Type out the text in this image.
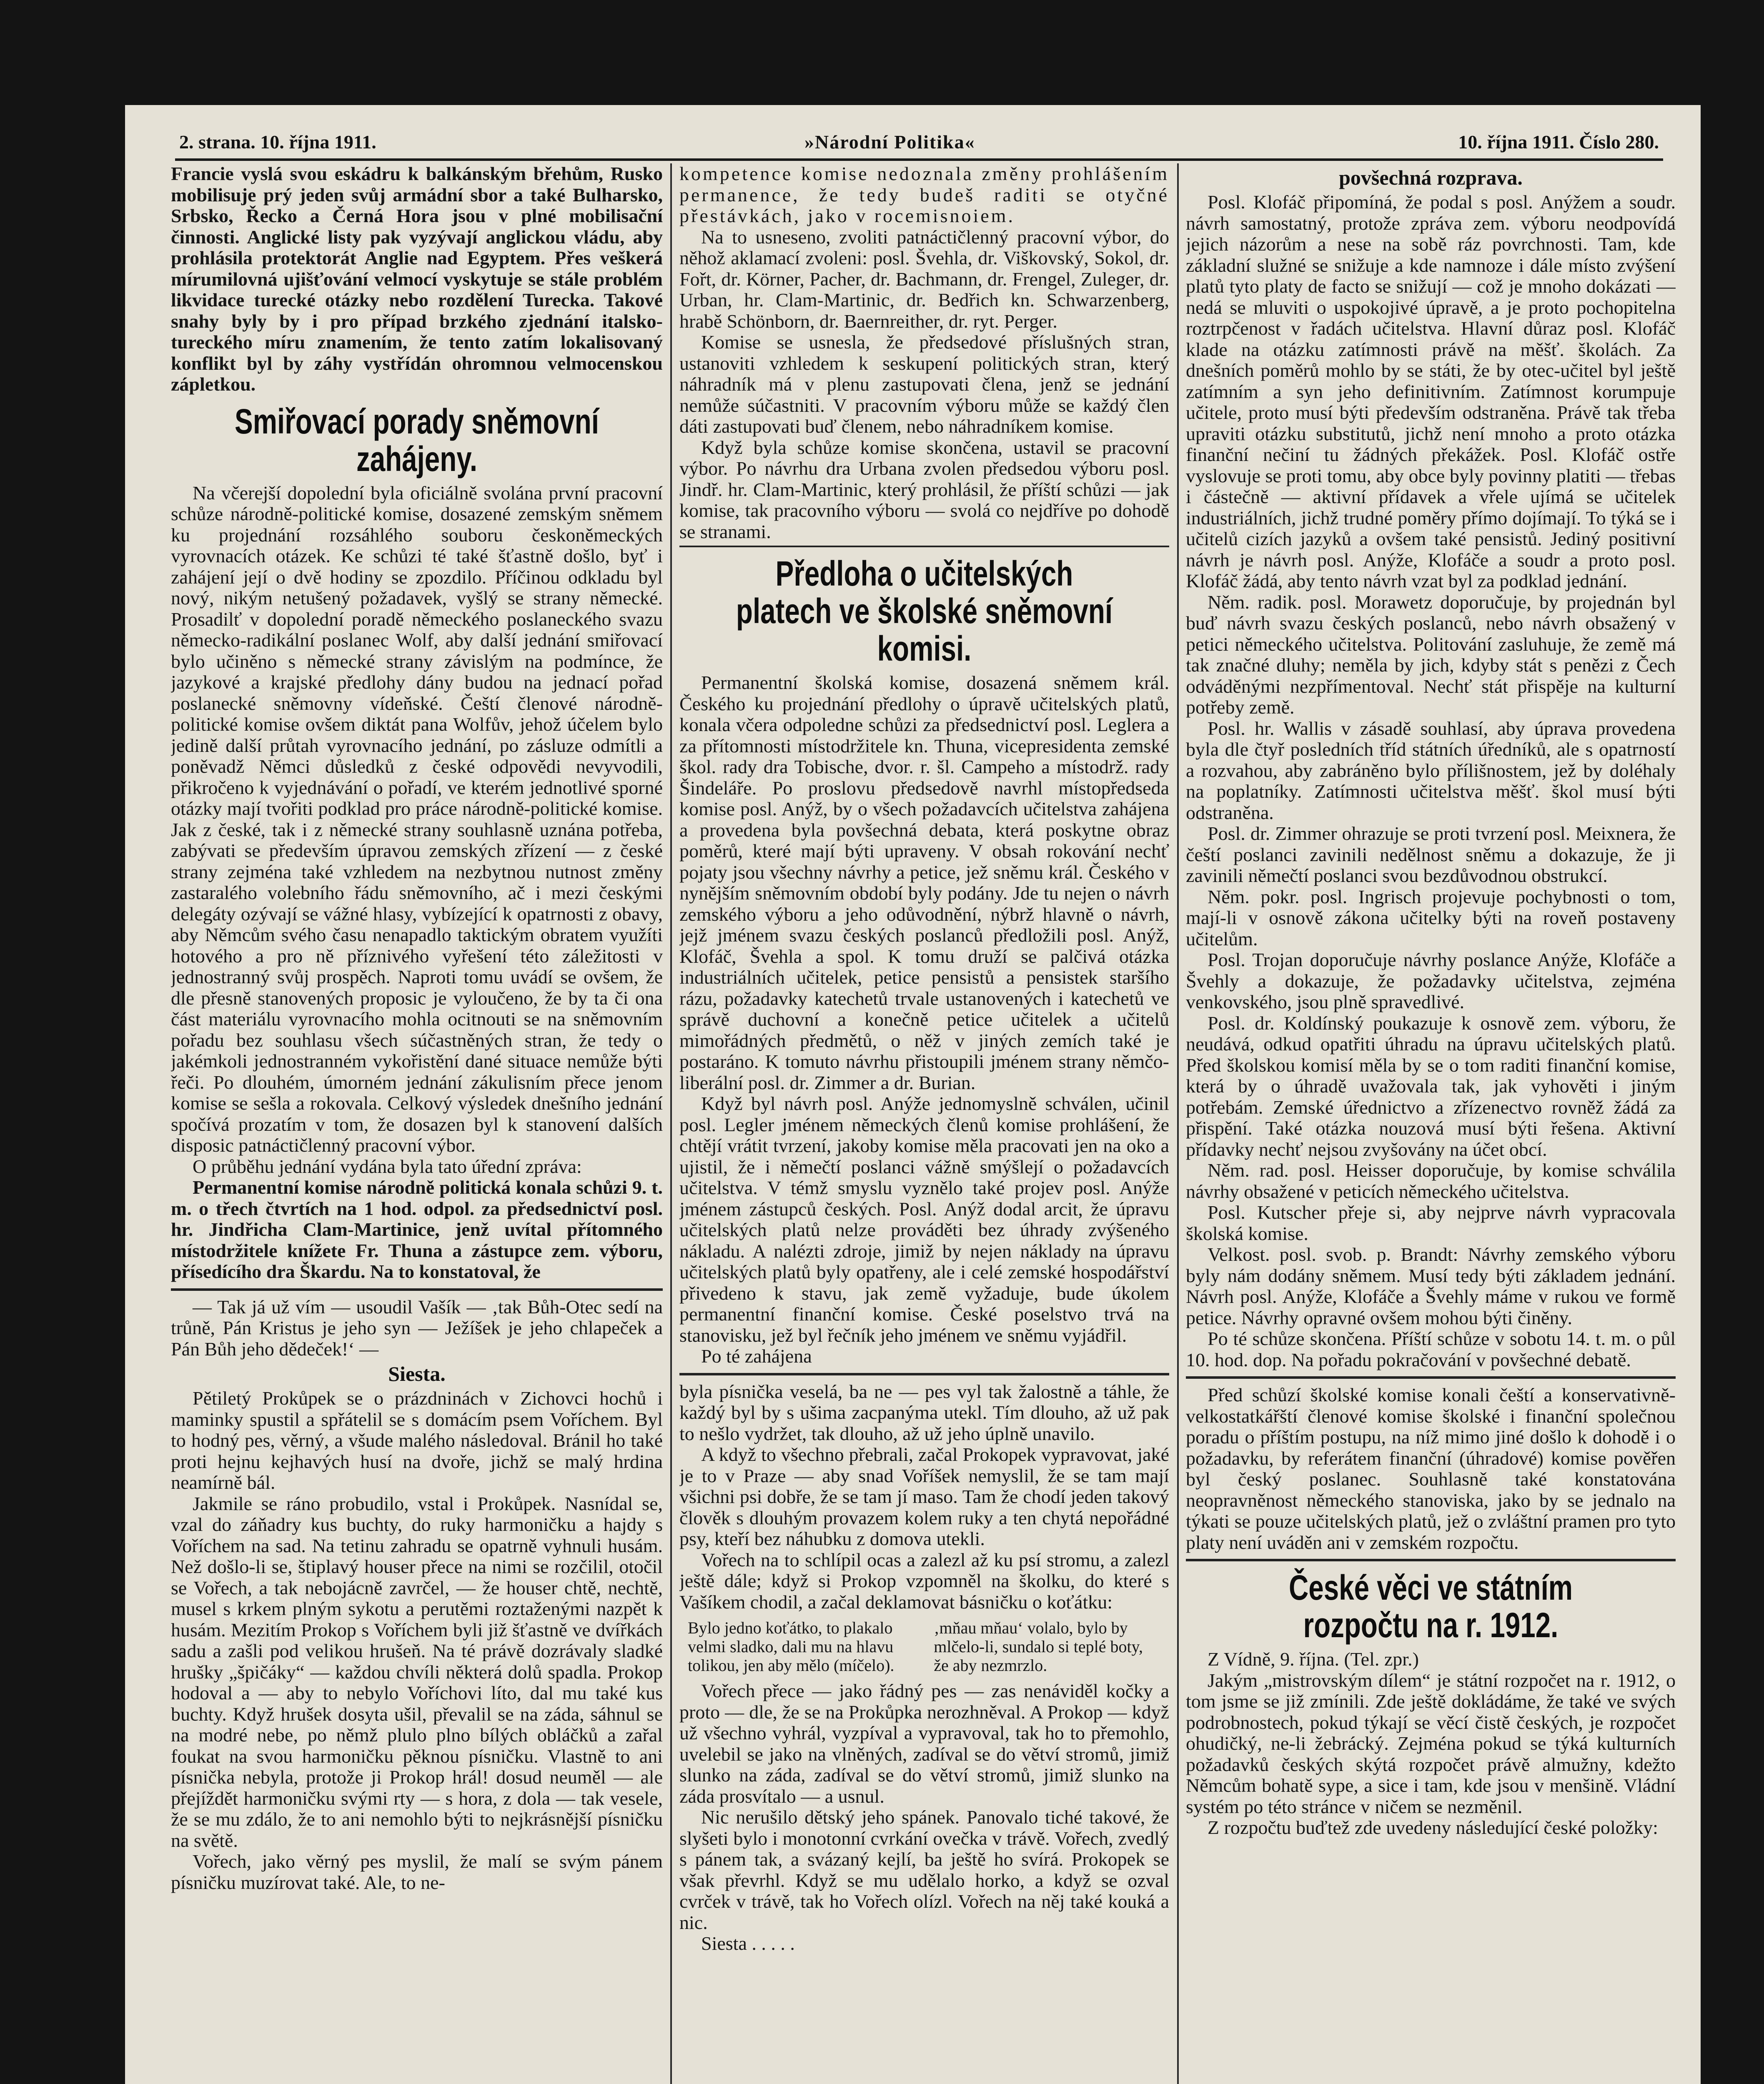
2. strana. 10. října 1911.	»Národní Politika«	10. října 1911. Číslo 280.

Francie vyslá svou eskádru k balkánským břehům, Rusko mobilisuje prý jeden svůj armádní sbor a také Bulharsko, Srbsko, Řecko a Černá Hora jsou v plné mobilisační činnosti. Anglické listy pak vyzývají anglickou vládu, aby prohlásila protektorát Anglie nad Egyptem. Přes veškerá mírumilovná ujišťování velmocí vyskytuje se stále problém likvidace turecké otázky nebo rozdělení Turecka. Takové snahy byly by i pro případ brzkého zjednání italsko-tureckého míru znamením, že tento zatím lokalisovaný konflikt byl by záhy vystřídán ohromnou velmocenskou zápletkou.

Smiřovací porady sněmovní zahájeny.

Na včerejší dopolední byla oficiálně svolána první pracovní schůze národně-politické komise, dosazené zemským sněmem ku projednání rozsáhlého souboru českoněmeckých vyrovnacích otázek. Ke schůzi té také šťastně došlo, byť i zahájení její o dvě hodiny se zpozdilo. Příčinou odkladu byl nový, nikým netušený požadavek, vyšlý se strany německé. Prosadilť v dopolední poradě německého poslaneckého svazu německo-radikální poslanec Wolf, aby další jednání smiřovací bylo učiněno s německé strany závislým na podmínce, že jazykové a krajské předlohy dány budou na jednací pořad poslanecké sněmovny vídeňské. Čeští členové národně-politické komise ovšem diktát pana Wolfův, jehož účelem bylo jedině další průtah vyrovnacího jednání, po zásluze odmítli a poněvadž Němci důsledků z české odpovědi nevyvodili, přikročeno k vyjednávání o pořadí, ve kterém jednotlivé sporné otázky mají tvořiti podklad pro práce národně-politické komise. Jak z české, tak i z německé strany souhlasně uznána potřeba, zabývati se především úpravou zemských zřízení — z české strany zejména také vzhledem na nezbytnou nutnost změny zastaralého volebního řádu sněmovního, ač i mezi českými delegáty ozývají se vážné hlasy, vybízející k opatrnosti z obavy, aby Němcům svého času nenapadlo taktickým obratem využíti hotového a pro ně příznivého vyřešení této záležitosti v jednostranný svůj prospěch. Naproti tomu uvádí se ovšem, že dle přesně stanovených proposic je vyloučeno, že by ta či ona část materiálu vyrovnacího mohla ocitnouti se na sněmovním pořadu bez souhlasu všech súčastněných stran, že tedy o jakémkoli jednostranném vykořistění dané situace nemůže býti řeči. Po dlouhém, úmorném jednání zákulisním přece jenom komise se sešla a rokovala. Celkový výsledek dnešního jednání spočívá prozatím v tom, že dosazen byl k stanovení dalších disposic patnáctičlenný pracovní výbor.

O průběhu jednání vydána byla tato úřední zpráva:

Permanentní komise národně politická konala schůzi 9. t. m. o třech čtvrtích na 1 hod. odpol. za předsednictví posl. hr. Jindřicha Clam-Martinice, jenž uvítal přítomného místodržitele knížete Fr. Thuna a zástupce zem. výboru, přísedícího dra Škardu. Na to konstatoval, že

— Tak já už vím — usoudil Vašík — ‚tak Bůh-Otec sedí na trůně, Pán Kristus je jeho syn — Ježíšek je jeho chlapeček a Pán Bůh jeho dědeček!‘ —

Siesta.

Pětiletý Prokůpek se o prázdninách v Zichovci hochů i maminky spustil a spřátelil se s domácím psem Voříchem. Byl to hodný pes, věrný, a všude malého následoval. Bránil ho také proti hejnu kejhavých husí na dvoře, jichž se malý hrdina neamírně bál.

Jakmile se ráno probudilo, vstal i Prokůpek. Nasnídal se, vzal do záňadry kus buchty, do ruky harmoničku a hajdy s Voříchem na sad. Na tetinu zahradu se opatrně vyhnuli husám. Než došlo-li se, štiplavý houser přece na nimi se rozčilil, otočil se Vořech, a tak nebojácně zavrčel, — že houser chtě, nechtě, musel s krkem plným sykotu a perutěmi roztaženými nazpět k husám. Mezitím Prokop s Voříchem byli již šťastně ve dvířkách sadu a zašli pod velikou hrušeň. Na té právě dozrávaly sladké hrušky „špičáky“ — každou chvíli některá dolů spadla. Prokop hodoval a — aby to nebylo Voříchovi líto, dal mu také kus buchty. Když hrušek dosyta ušil, převalil se na záda, sáhnul se na modré nebe, po němž plulo plno bílých obláčků a zařal foukat na svou harmoničku pěknou písničku. Vlastně to ani písnička nebyla, protože ji Prokop hrál! dosud neuměl — ale přejíždět harmoničku svými rty — s hora, z dola — tak vesele, že se mu zdálo, že to ani nemohlo býti to nejkrásnější písničku na světě.

Vořech, jako věrný pes myslil, že malí se svým pánem písničku muzírovat také. Ale, to ne-

kompetence komise nedoznala změny prohlášením permanence, že tedy budeš raditi se otyčné přestávkách, jako v rocemisnoiem.

Na to usneseno, zvoliti patnáctičlenný pracovní výbor, do něhož aklamací zvoleni: posl. Švehla, dr. Viškovský, Sokol, dr. Fořt, dr. Körner, Pacher, dr. Bachmann, dr. Frengel, Zuleger, dr. Urban, hr. Clam-Martinic, dr. Bedřich kn. Schwarzenberg, hrabě Schönborn, dr. Baernreither, dr. ryt. Perger.

Komise se usnesla, že předsedové příslušných stran, ustanoviti vzhledem k seskupení politických stran, který náhradník má v plenu zastupovati člena, jenž se jednání nemůže súčastniti. V pracovním výboru může se každý člen dáti zastupovati buď členem, nebo náhradníkem komise.

Když byla schůze komise skončena, ustavil se pracovní výbor. Po návrhu dra Urbana zvolen předsedou výboru posl. Jindř. hr. Clam-Martinic, který prohlásil, že příští schůzi — jak komise, tak pracovního výboru — svolá co nejdříve po dohodě se stranami.

Předloha o učitelských platech ve školské sněmovní komisi.

Permanentní školská komise, dosazená sněmem král. Českého ku projednání předlohy o úpravě učitelských platů, konala včera odpoledne schůzi za předsednictví posl. Leglera a za přítomnosti místodržitele kn. Thuna, vicepresidenta zemské škol. rady dra Tobische, dvor. r. šl. Campeho a místodrž. rady Šindeláře. Po proslovu předsedově navrhl místopředseda komise posl. Anýž, by o všech požadavcích učitelstva zahájena a provedena byla povšechná debata, která poskytne obraz poměrů, které mají býti upraveny. V obsah rokování nechť pojaty jsou všechny návrhy a petice, jež sněmu král. Českého v nynějším sněmovním období byly podány. Jde tu nejen o návrh zemského výboru a jeho odůvodnění, nýbrž hlavně o návrh, jejž jménem svazu českých poslanců předložili posl. Anýž, Klofáč, Švehla a spol. K tomu druží se palčivá otázka industriálních učitelek, petice pensistů a pensistek staršího rázu, požadavky katechetů trvale ustanovených i katechetů ve správě duchovní a konečně petice učitelek a učitelů mimořádných předmětů, o něž v jiných zemích také je postaráno. K tomuto návrhu přistoupili jménem strany němčo-liberální posl. dr. Zimmer a dr. Burian.

Když byl návrh posl. Anýže jednomyslně schválen, učinil posl. Legler jménem německých členů komise prohlášení, že chtějí vrátit tvrzení, jakoby komise měla pracovati jen na oko a ujistil, že i němečtí poslanci vážně smýšlejí o požadavcích učitelstva. V témž smyslu vyznělo také projev posl. Anýže jménem zástupců českých. Posl. Anýž dodal arcit, že úpravu učitelských platů nelze prováděti bez úhrady zvýšeného nákladu. A nalézti zdroje, jimiž by nejen náklady na úpravu učitelských platů byly opatřeny, ale i celé zemské hospodářství přivedeno k stavu, jak země vyžaduje, bude úkolem permanentní finanční komise. České poselstvo trvá na stanovisku, jež byl řečník jeho jménem ve sněmu vyjádřil.

Po té zahájena

byla písnička veselá, ba ne — pes vyl tak žalostně a táhle, že každý byl by s ušima zacpanýma utekl. Tím dlouho, až už pak to nešlo vydržet, tak dlouho, až už jeho úplně unavilo.

A když to všechno přebrali, začal Prokopek vypravovat, jaké je to v Praze — aby snad Voříšek nemyslil, že se tam mají všichni psi dobře, že se tam jí maso. Tam že chodí jeden takový člověk s dlouhým provazem kolem ruky a ten chytá nepořádné psy, kteří bez náhubku z domova utekli.

Vořech na to schlípil ocas a zalezl až ku psí stromu, a zalezl ještě dále; když si Prokop vzpomněl na školku, do které s Vašíkem chodil, a začal deklamovat básničku o koťátku:

Bylo jedno koťátko, to plakalo velmi sladko, dali mu na hlavu tolikou, jen aby mělo (míčelo).
‚mňau mňau‘ volalo, bylo by mlčelo-li, sundalo si teplé boty, že aby nezmrzlo.

Vořech přece — jako řádný pes — zas nenáviděl kočky a proto — dle, že se na Prokůpka nerozhněval. A Prokop — když už všechno vyhrál, vyzpíval a vypravoval, tak ho to přemohlo, uvelebil se jako na vlněných, zadíval se do větví stromů, jimiž slunko na záda, zadíval se do větví stromů, jimiž slunko na záda prosvítalo — a usnul.

Nic nerušilo dětský jeho spánek. Panovalo tiché takové, že slyšeti bylo i monotonní cvrkání ovečka v trávě. Vořech, zvedlý s pánem tak, a svázaný kejlí, ba ještě ho svírá. Prokopek se však převrhl. Když se mu udělalo horko, a když se ozval cvrček v trávě, tak ho Vořech olízl. Vořech na něj také kouká a nic.

Siesta . . . . .

povšechná rozprava.

Posl. Klofáč připomíná, že podal s posl. Anýžem a soudr. návrh samostatný, protože zpráva zem. výboru neodpovídá jejich názorům a nese na sobě ráz povrchnosti. Tam, kde základní služné se snižuje a kde namnoze i dále místo zvýšení platů tyto platy de facto se snižují — což je mnoho dokázati — nedá se mluviti o uspokojivé úpravě, a je proto pochopitelna roztrpčenost v řadách učitelstva. Hlavní důraz posl. Klofáč klade na otázku zatímnosti právě na měšť. školách. Za dnešních poměrů mohlo by se státi, že by otec-učitel byl ještě zatímním a syn jeho definitivním. Zatímnost korumpuje učitele, proto musí býti především odstraněna. Právě tak třeba upraviti otázku substitutů, jichž není mnoho a proto otázka finanční nečiní tu žádných překážek. Posl. Klofáč ostře vyslovuje se proti tomu, aby obce byly povinny platiti — třebas i částečně — aktivní přídavek a vřele ujímá se učitelek industriálních, jichž trudné poměry přímo dojímají. To týká se i učitelů cizích jazyků a ovšem také pensistů. Jediný positivní návrh je návrh posl. Anýže, Klofáče a soudr a proto posl. Klofáč žádá, aby tento návrh vzat byl za podklad jednání.

Něm. radik. posl. Morawetz doporučuje, by projednán byl buď návrh svazu českých poslanců, nebo návrh obsažený v petici německého učitelstva. Politování zasluhuje, že země má tak značné dluhy; neměla by jich, kdyby stát s penězi z Čech odváděnými nezpřímentoval. Nechť stát přispěje na kulturní potřeby země.

Posl. hr. Wallis v zásadě souhlasí, aby úprava provedena byla dle čtyř posledních tříd státních úředníků, ale s opatrností a rozvahou, aby zabráněno bylo přílišnostem, jež by doléhaly na poplatníky. Zatímnosti učitelstva měšť. škol musí býti odstraněna.

Posl. dr. Zimmer ohrazuje se proti tvrzení posl. Meixnera, že čeští poslanci zavinili nedělnost sněmu a dokazuje, že ji zavinili němečtí poslanci svou bezdůvodnou obstrukcí.

Něm. pokr. posl. Ingrisch projevuje pochybnosti o tom, mají-li v osnově zákona učitelky býti na roveň postaveny učitelům.

Posl. Trojan doporučuje návrhy poslance Anýže, Klofáče a Švehly a dokazuje, že požadavky učitelstva, zejména venkovského, jsou plně spravedlivé.

Posl. dr. Koldínský poukazuje k osnově zem. výboru, že neudává, odkud opatřiti úhradu na úpravu učitelských platů. Před školskou komisí měla by se o tom raditi finanční komise, která by o úhradě uvažovala tak, jak vyhověti i jiným potřebám. Zemské úřednictvo a zřízenectvo rovněž žádá za přispění. Také otázka nouzová musí býti řešena. Aktivní přídavky nechť nejsou zvyšovány na účet obcí.

Něm. rad. posl. Heisser doporučuje, by komise schválila návrhy obsažené v peticích německého učitelstva.

Posl. Kutscher přeje si, aby nejprve návrh vypracovala školská komise.

Velkost. posl. svob. p. Brandt: Návrhy zemského výboru byly nám dodány sněmem. Musí tedy býti základem jednání. Návrh posl. Anýže, Klofáče a Švehly máme v rukou ve formě petice. Návrhy opravné ovšem mohou býti činěny.

Po té schůze skončena. Příští schůze v sobotu 14. t. m. o půl 10. hod. dop. Na pořadu pokračování v povšechné debatě.

Před schůzí školské komise konali čeští a konservativně-velkostatkářští členové komise školské i finanční společnou poradu o příštím postupu, na níž mimo jiné došlo k dohodě i o požadavku, by referátem finanční (úhradové) komise pověřen byl český poslanec. Souhlasně také konstatována neopravněnost německého stanoviska, jako by se jednalo na týkati se pouze učitelských platů, jež o zvláštní pramen pro tyto platy není uváděn ani v zemském rozpočtu.

České věci ve státním rozpočtu na r. 1912.

Z Vídně, 9. října. (Tel. zpr.)

Jakým „mistrovským dílem“ je státní rozpočet na r. 1912, o tom jsme se již zmínili. Zde ještě dokládáme, že také ve svých podrobnostech, pokud týkají se věcí čistě českých, je rozpočet ohudičký, ne-li žebrácký. Zejména pokud se týká kulturních požadavků českých skýtá rozpočet právě almužny, kdežto Němcům bohatě sype, a sice i tam, kde jsou v menšině. Vládní systém po této stránce v ničem se nezměnil.

Z rozpočtu buďtež zde uvedeny následující české položky:
